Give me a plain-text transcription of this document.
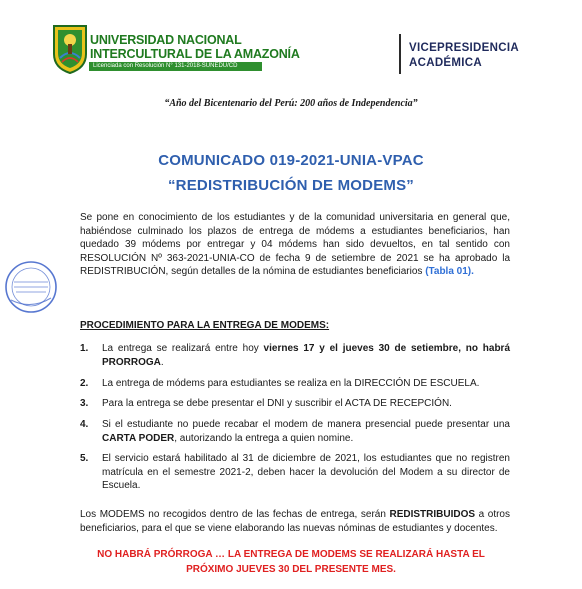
UNIVERSIDAD NACIONAL
INTERCULTURAL DE LA AMAZONÍA
Licenciada con Resolución N° 131-2018-SUNEDU/CD
VICEPRESIDENCIA
ACADÉMICA
“Año del Bicentenario del Perú: 200 años de Independencia”
COMUNICADO 019-2021-UNIA-VPAC
“REDISTRIBUCIÓN DE MODEMS”
Se pone en conocimiento de los estudiantes y de la comunidad universitaria en general que, habiéndose culminado los plazos de entrega de módems a estudiantes beneficiarios, han quedado 39 módems por entregar y 04 módems han sido devueltos, en tal sentido con RESOLUCIÓN Nº 363-2021-UNIA-CO de fecha 9 de setiembre de 2021 se ha aprobado la REDISTRIBUCIÓN, según detalles de la nómina de estudiantes beneficiarios (Tabla 01).
PROCEDIMIENTO PARA LA ENTREGA DE MODEMS:
1.	La entrega se realizará entre hoy viernes 17 y el jueves 30 de setiembre, no habrá PRORROGA.
2.	La entrega de módems para estudiantes se realiza en la DIRECCIÓN DE ESCUELA.
3.	Para la entrega se debe presentar el DNI y suscribir el ACTA DE RECEPCIÓN.
4.	Si el estudiante no puede recabar el modem de manera presencial puede presentar una CARTA PODER, autorizando la entrega a quien nomine.
5.	El servicio estará habilitado al 31 de diciembre de 2021, los estudiantes que no registren matrícula en el semestre 2021-2, deben hacer la devolución del Modem a su director de Escuela.
Los MODEMS no recogidos dentro de las fechas de entrega, serán REDISTRIBUIDOS a otros beneficiarios, para el que se viene elaborando las nuevas nóminas de estudiantes y docentes.
NO HABRÁ PRÓRROGA … LA ENTREGA DE MODEMS SE REALIZARÁ HASTA EL
PRÓXIMO JUEVES 30 DEL PRESENTE MES.
